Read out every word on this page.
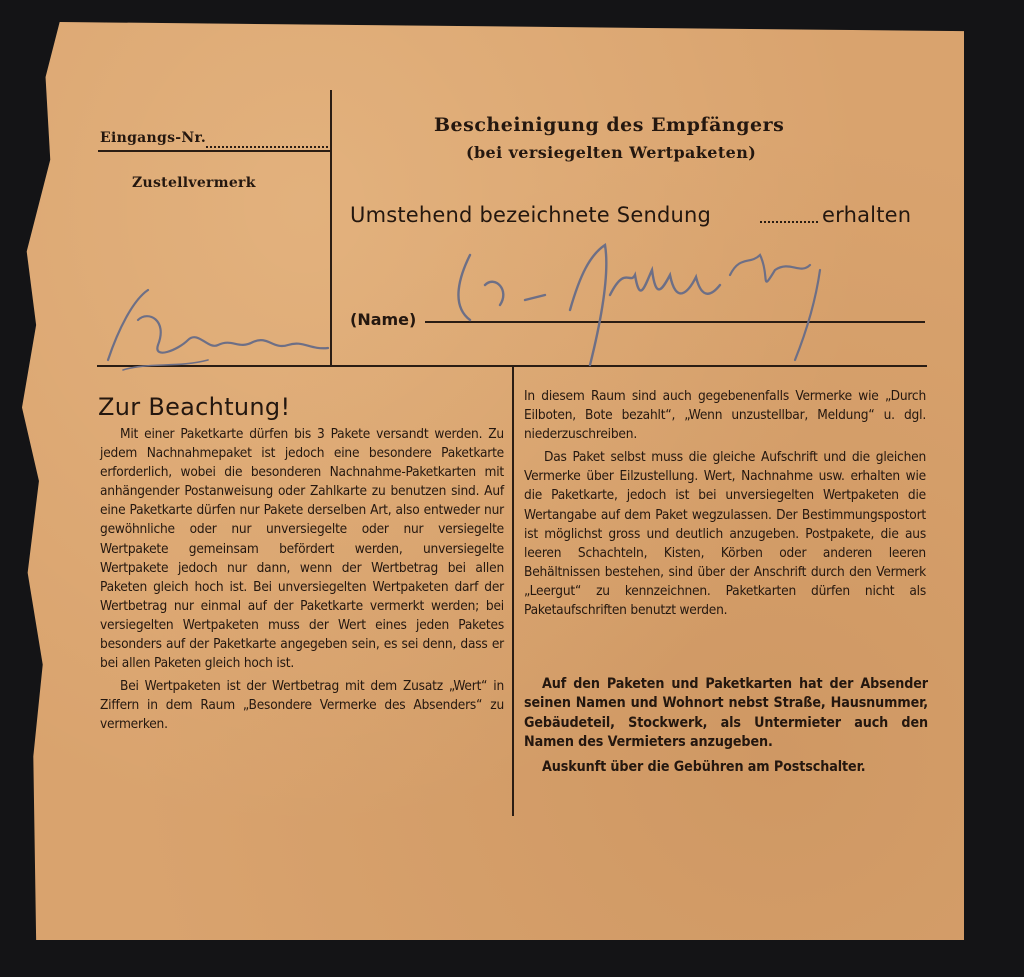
Eingangs-Nr.
Zustellvermerk
Bescheinigung des Empfängers
(bei versiegelten Wertpaketen)
Umstehend bezeichnete Sendung	erhalten
(Name)
Zur Beachtung!

Mit einer Paketkarte dürfen bis 3 Pakete versandt werden. Zu jedem Nachnahmepaket ist jedoch eine besondere Paketkarte erforderlich, wobei die besonderen Nachnahme-Paketkarten mit anhängender Postanweisung oder Zahlkarte zu benutzen sind. Auf eine Paketkarte dürfen nur Pakete derselben Art, also entweder nur gewöhnliche oder nur unversiegelte oder nur versiegelte Wertpakete gemeinsam befördert werden, unversiegelte Wertpakete jedoch nur dann, wenn der Wertbetrag bei allen Paketen gleich hoch ist. Bei unversiegelten Wertpaketen darf der Wertbetrag nur einmal auf der Paketkarte vermerkt werden; bei versiegelten Wertpaketen muss der Wert eines jeden Paketes besonders auf der Paketkarte angegeben sein, es sei denn, dass er bei allen Paketen gleich hoch ist.

Bei Wertpaketen ist der Wertbetrag mit dem Zusatz „Wert“ in Ziffern in dem Raum „Besondere Vermerke des Absenders“ zu vermerken.

In diesem Raum sind auch gegebenenfalls Vermerke wie „Durch Eilboten, Bote bezahlt“, „Wenn unzustellbar, Meldung“ u. dgl. niederzuschreiben.

Das Paket selbst muss die gleiche Aufschrift und die gleichen Vermerke über Eilzustellung. Wert, Nachnahme usw. erhalten wie die Paketkarte, jedoch ist bei unversiegelten Wertpaketen die Wertangabe auf dem Paket wegzulassen. Der Bestimmungspostort ist möglichst gross und deutlich anzugeben. Postpakete, die aus leeren Schachteln, Kisten, Körben oder anderen leeren Behältnissen bestehen, sind über der Anschrift durch den Vermerk „Leergut“ zu kennzeichnen. Paketkarten dürfen nicht als Paketaufschriften benutzt werden.

Auf den Paketen und Paketkarten hat der Absender seinen Namen und Wohnort nebst Straße, Hausnummer, Gebäudeteil, Stockwerk, als Untermieter auch den Namen des Vermieters anzugeben.

Auskunft über die Gebühren am Postschalter.
